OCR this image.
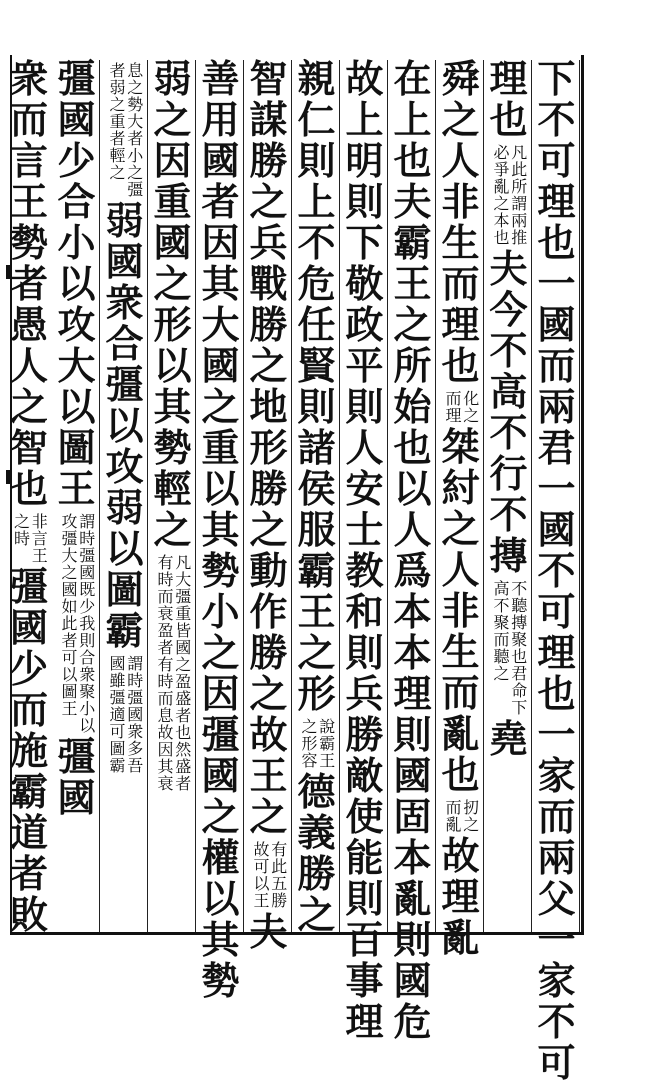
下
不
可
理
也
一
國
而
兩
君
一
國
不
可
理
也
一
家
而
兩
父
一
家
不
可
理
也
凡此所謂兩推
必爭亂之本也
夫
今
不
高
不
行
不
摶
不聽摶聚也君命下
高不聚而聽之
堯
舜
之
人
非
生
而
理
也
化之
而理
桀
紂
之
人
非
生
而
亂
也
扨之
而亂
故
理
亂
在
上
也
夫
霸
王
之
所
始
也
以
人
爲
本
本
理
則
國
固
本
亂
則
國
危
故
上
明
則
下
敬
政
平
則
人
安
士
教
和
則
兵
勝
敵
使
能
則
百
事
理
親
仁
則
上
不
危
任
賢
則
諸
侯
服
霸
王
之
形
說霸王
之形容
德
義
勝
之
智
謀
勝
之
兵
戰
勝
之
地
形
勝
之
動
作
勝
之
故
王
之
有此五勝
故可以王
夫
善
用
國
者
因
其
大
國
之
重
以
其
勢
小
之
因
彊
國
之
權
以
其
勢
弱
之
因
重
國
之
形
以
其
勢
輕
之
凡大彊重皆國之盈盛者也然盛者
有時而衰盈者有時而息故因其衰
息之勢大者小之彊
者弱之重者輕之
弱
國
衆
合
彊
以
攻
弱
以
圖
霸
謂時彊國衆多吾
國雖彊適可圖霸
彊
國
少
合
小
以
攻
大
以
圖
王
謂時彊國既少我則合衆聚小以
攻彊大之國如此者可以圖王
彊
國
衆
而
言
王
勢
者
愚
人
之
智
也
非言王
之時
彊
國
少
而
施
霸
道
者
敗
